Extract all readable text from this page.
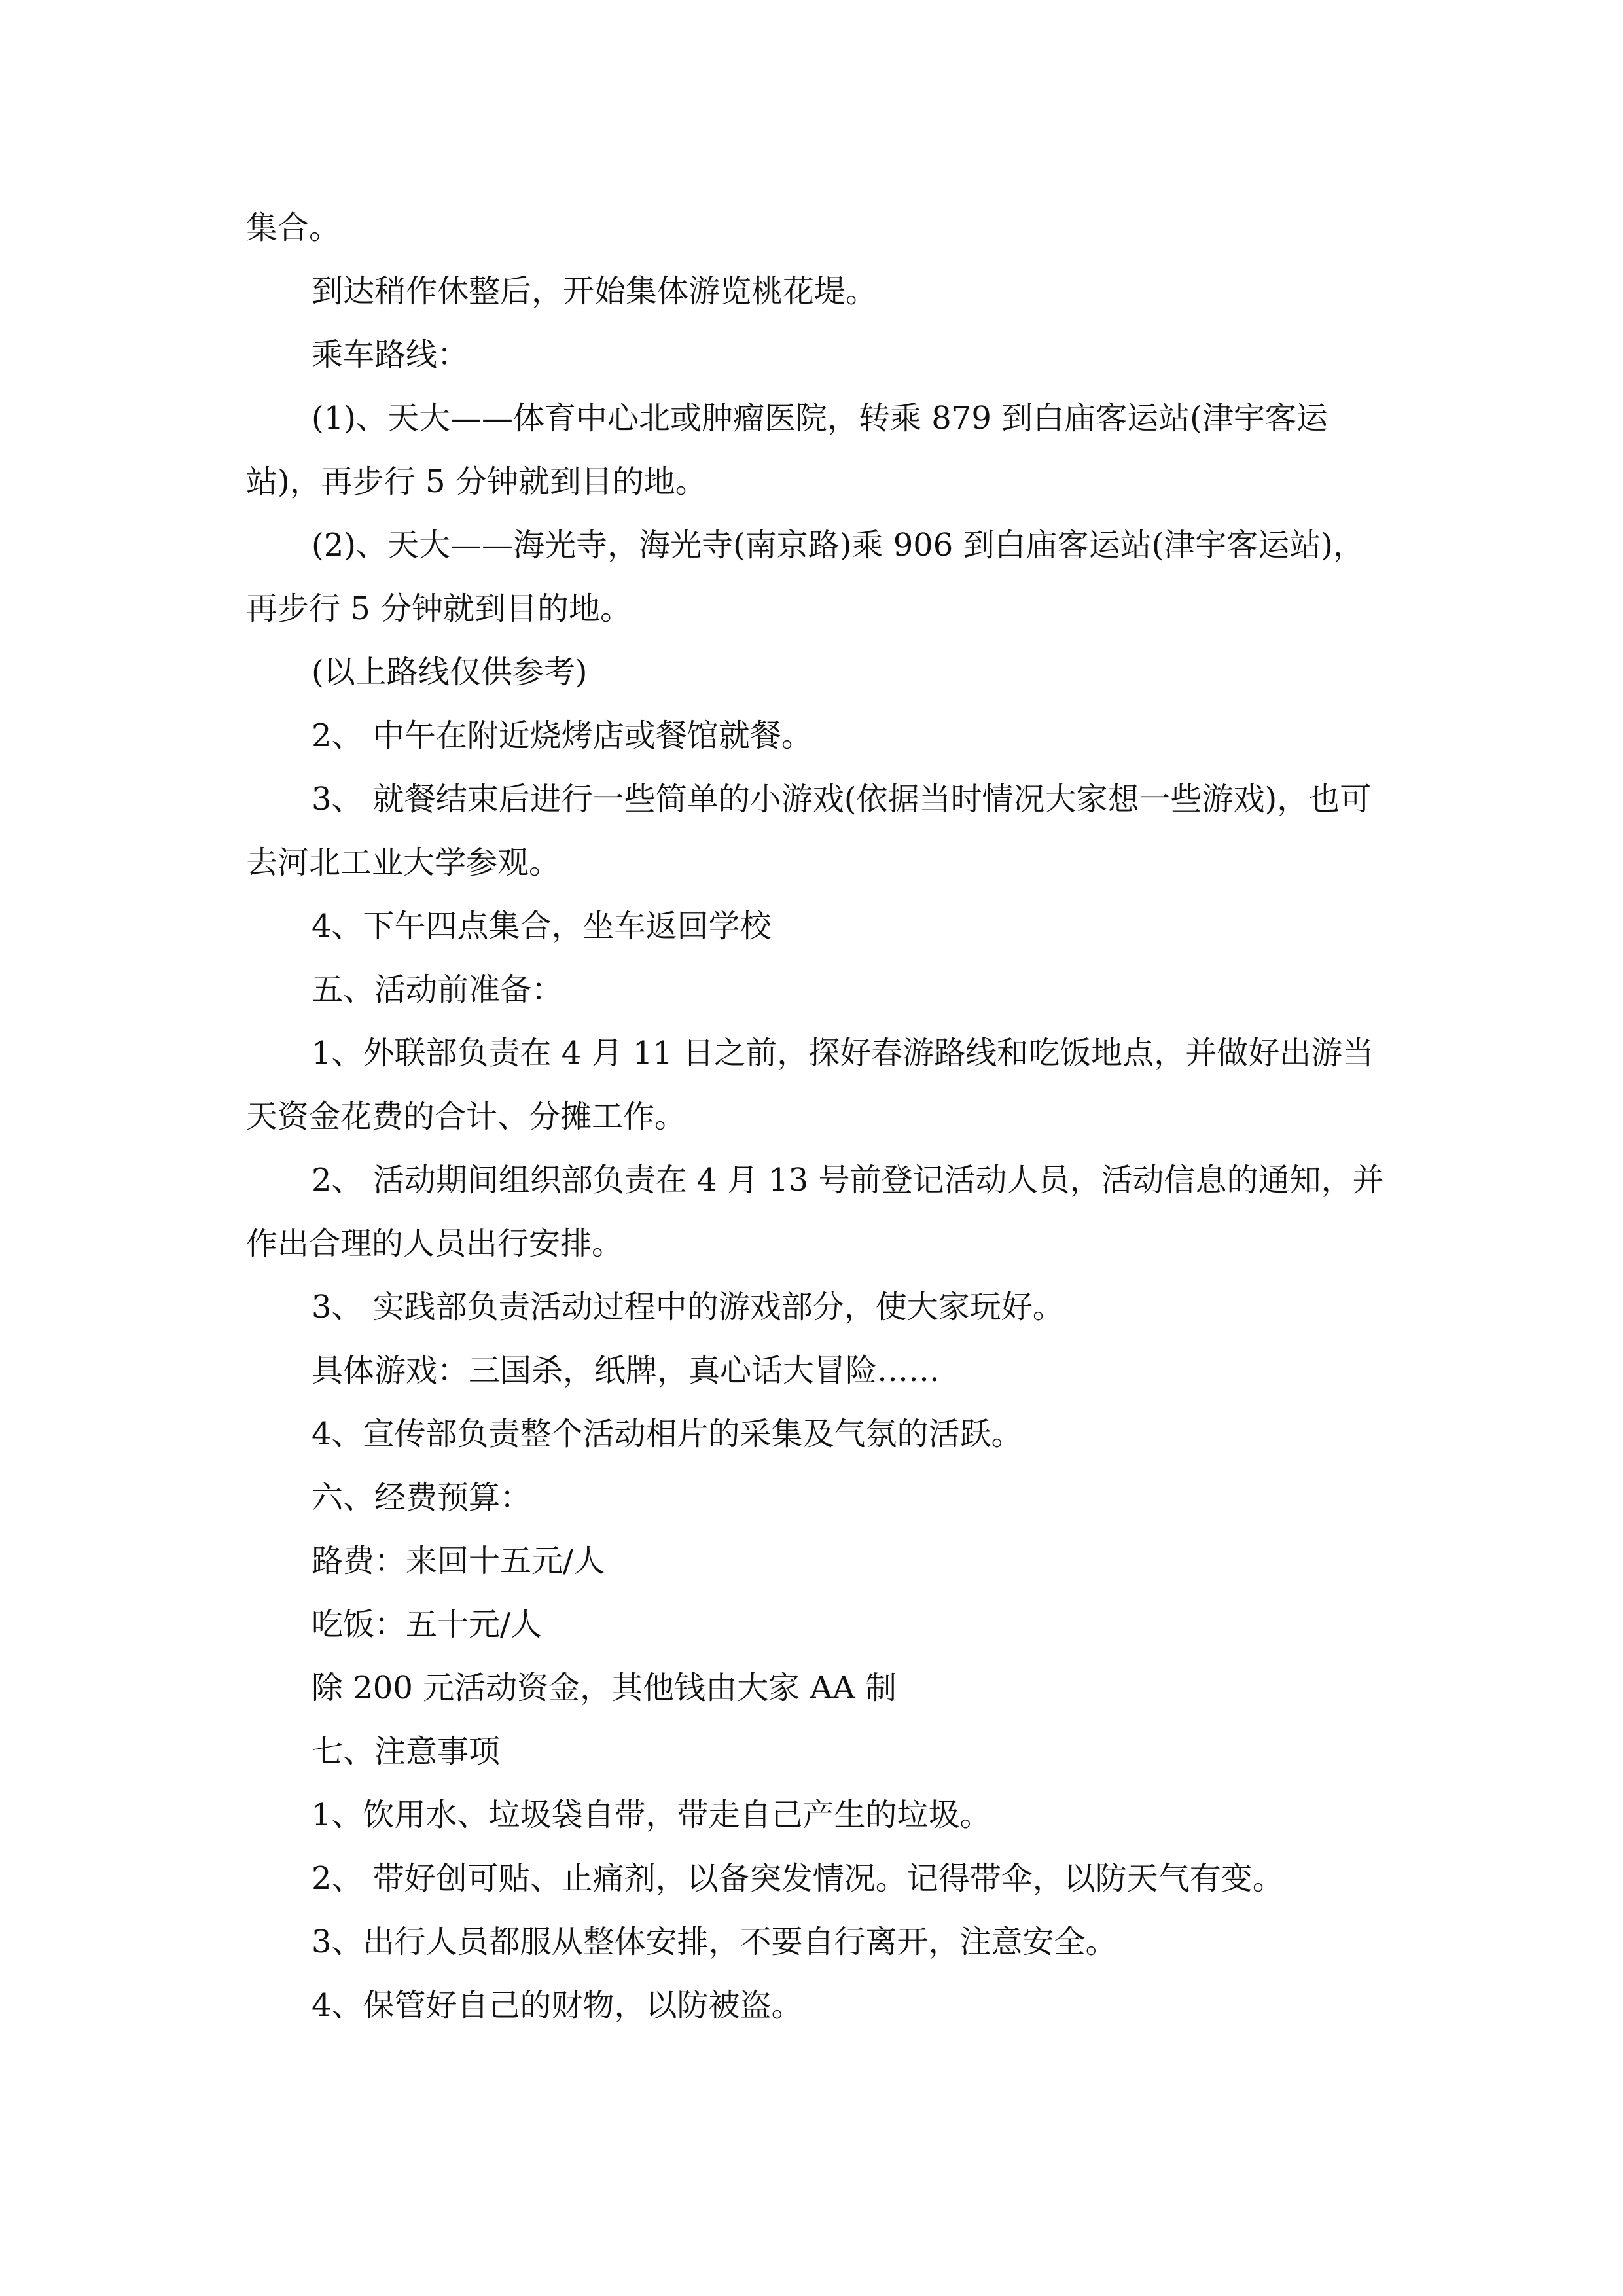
集合。

到达稍作休整后，开始集体游览桃花堤。

乘车路线：

(1)、天大——体育中心北或肿瘤医院，转乘 879 到白庙客运站(津宇客运站)，再步行 5 分钟就到目的地。

(2)、天大——海光寺，海光寺(南京路)乘 906 到白庙客运站(津宇客运站)，再步行 5 分钟就到目的地。

(以上路线仅供参考)

2、 中午在附近烧烤店或餐馆就餐。

3、 就餐结束后进行一些简单的小游戏(依据当时情况大家想一些游戏)，也可去河北工业大学参观。

4、下午四点集合，坐车返回学校

五、活动前准备：

1、外联部负责在 4 月 11 日之前，探好春游路线和吃饭地点，并做好出游当天资金花费的合计、分摊工作。

2、 活动期间组织部负责在 4 月 13 号前登记活动人员，活动信息的通知，并作出合理的人员出行安排。

3、 实践部负责活动过程中的游戏部分，使大家玩好。

具体游戏：三国杀，纸牌，真心话大冒险……

4、宣传部负责整个活动相片的采集及气氛的活跃。

六、经费预算：

路费：来回十五元/人

吃饭：五十元/人

除 200 元活动资金，其他钱由大家 AA 制

七、注意事项

1、饮用水、垃圾袋自带，带走自己产生的垃圾。

2、 带好创可贴、止痛剂，以备突发情况。记得带伞，以防天气有变。

3、出行人员都服从整体安排，不要自行离开，注意安全。

4、保管好自己的财物，以防被盗。
